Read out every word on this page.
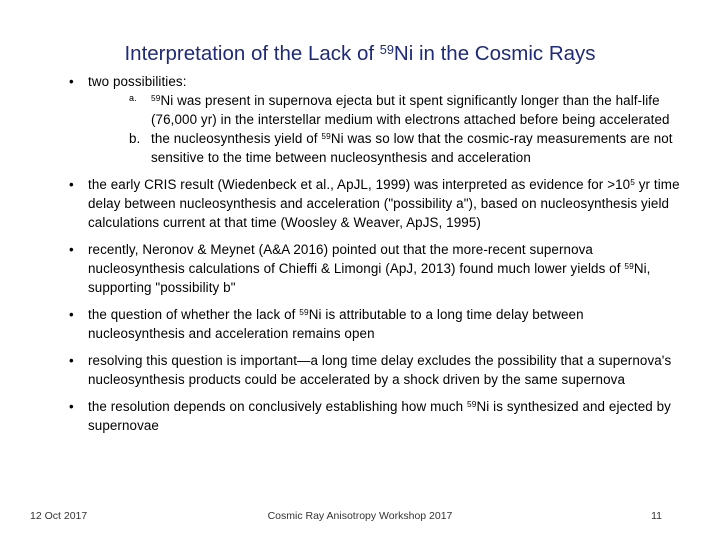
Interpretation of the Lack of $^{59}$Ni in the Cosmic Rays
• two possibilities:
a. $^{59}$Ni was present in supernova ejecta but it spent significantly longer than the half-life (76,000 yr) in the interstellar medium with electrons attached before being accelerated
b. the nucleosynthesis yield of $^{59}$Ni was so low that the cosmic-ray measurements are not sensitive to the time between nucleosynthesis and acceleration
• the early CRIS result (Wiedenbeck et al., ApJL, 1999) was interpreted as evidence for $>10^5$ yr time delay between nucleosynthesis and acceleration ("possibility a"), based on nucleosynthesis yield calculations current at that time (Woosley & Weaver, ApJS, 1995)
• recently, Neronov & Meynet (A&A 2016) pointed out that the more-recent supernova nucleosynthesis calculations of Chieffi & Limongi (ApJ, 2013) found much lower yields of $^{59}$Ni, supporting "possibility b"
• the question of whether the lack of $^{59}$Ni is attributable to a long time delay between nucleosynthesis and acceleration remains open
• resolving this question is important—a long time delay excludes the possibility that a supernova's nucleosynthesis products could be accelerated by a shock driven by the same supernova
• the resolution depends on conclusively establishing how much $^{59}$Ni is synthesized and ejected by supernovae
12 Oct 2017	Cosmic Ray Anisotropy Workshop 2017	11
